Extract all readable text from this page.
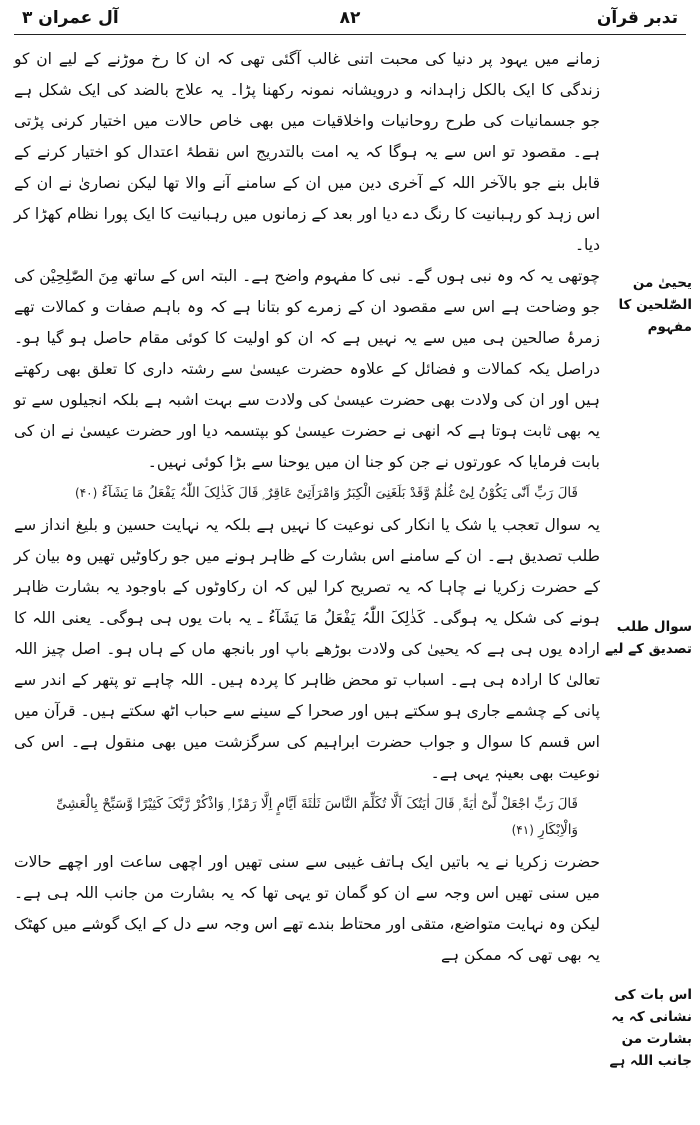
تدبر قرآن
۸۲
آل عمران ۳

زمانے میں یہود پر دنیا کی محبت اتنی غالب آگئی تھی کہ ان کا رخ موڑنے کے لیے ان کو زندگی کا ایک بالکل زاہدانہ و درویشانہ نمونہ رکھنا پڑا۔ یہ علاج بالضد کی ایک شکل ہے جو جسمانیات کی طرح روحانیات واخلاقیات میں بھی خاص حالات میں اختیار کرنی پڑتی ہے۔ مقصود تو اس سے یہ ہوگا کہ یہ امت بالتدریج اس نقطۂ اعتدال کو اختیار کرنے کے قابل بنے جو بالآخر اللہ کے آخری دین میں ان کے سامنے آنے والا تھا لیکن نصاریٰ نے ان کے اس زہد کو رہبانیت کا رنگ دے دیا اور بعد کے زمانوں میں رہبانیت کا ایک پورا نظام کھڑا کر دیا۔

چوتھی یہ کہ وہ نبی ہوں گے۔ نبی کا مفہوم واضح ہے۔ البتہ اس کے ساتھ مِنَ الصّٰلِحِیْن کی جو وضاحت ہے اس سے مقصود ان کے زمرے کو بتانا ہے کہ وہ باہم صفات و کمالات تھے زمرۂ صالحین ہی میں سے یہ نہیں ہے کہ ان کو اولیت کا کوئی مقام حاصل ہو گیا ہو۔ دراصل یکہ کمالات و فضائل کے علاوہ حضرت عیسیٰ سے رشتہ داری کا تعلق بھی رکھتے ہیں اور ان کی ولادت بھی حضرت عیسیٰ کی ولادت سے بہت اشبہ ہے بلکہ انجیلوں سے تو یہ بھی ثابت ہوتا ہے کہ انھی نے حضرت عیسیٰ کو بپتسمہ دیا اور حضرت عیسیٰ نے ان کی بابت فرمایا کہ عورتوں نے جن کو جنا ان میں یوحنا سے بڑا کوئی نہیں۔

قَالَ رَبِّ اَنّٰی یَکُوْنُ لِیْ غُلٰمٌ وَّقَدْ بَلَغَنِیَ الْکِبَرُ وَامْرَاَتِیْ عَاقِرٌ ۭ قَالَ کَذٰلِکَ اللّٰہُ یَفْعَلُ مَا یَشَآءُ (۴۰)

یہ سوال تعجب یا شک یا انکار کی نوعیت کا نہیں ہے بلکہ یہ نہایت حسین و بلیغ انداز سے طلب تصدیق ہے۔ ان کے سامنے اس بشارت کے ظاہر ہونے میں جو رکاوٹیں تھیں وہ بیان کر کے حضرت زکریا نے چاہا کہ یہ تصریح کرا لیں کہ ان رکاوٹوں کے باوجود یہ بشارت ظاہر ہونے کی شکل یہ ہوگی۔ کَذٰلِکَ اللّٰہُ یَفْعَلُ مَا یَشَآءُ ـ یہ بات یوں ہی ہوگی۔ یعنی اللہ کا ارادہ یوں ہی ہے کہ یحییٰ کی ولادت بوڑھے باپ اور بانجھ ماں کے ہاں ہو۔ اصل چیز اللہ تعالیٰ کا ارادہ ہی ہے۔ اسباب تو محض ظاہر کا پردہ ہیں۔ اللہ چاہے تو پتھر کے اندر سے پانی کے چشمے جاری ہو سکتے ہیں اور صحرا کے سینے سے حباب اٹھ سکتے ہیں۔ قرآن میں اس قسم کا سوال و جواب حضرت ابراہیم کی سرگزشت میں بھی منقول ہے۔ اس کی نوعیت بھی بعینہٖ یہی ہے۔

قَالَ رَبِّ اجْعَلْ لِّیْٓ اٰیَةً ۭ قَالَ اٰیَتُکَ اَلَّا تُکَلِّمَ النَّاسَ ثَلٰثَةَ اَیَّامٍ اِلَّا رَمْزًا ۭ وَاذْکُرْ رَّبَّکَ کَثِیْرًا وَّسَبِّحْ بِالْعَشِیِّ وَالْاِبْکَارِ (۴۱)

حضرت زکریا نے یہ باتیں ایک ہاتف غیبی سے سنی تھیں اور اچھی ساعت اور اچھے حالات میں سنی تھیں اس وجہ سے ان کو گمان تو یہی تھا کہ یہ بشارت من جانب اللہ ہی ہے۔ لیکن وہ نہایت متواضع، متقی اور محتاط بندے تھے اس وجہ سے دل کے ایک گوشے میں کھٹک یہ بھی تھی کہ ممکن ہے

یحییٰ من الصّٰلحین کا مفہوم
سوال طلب تصدیق کے لیے
اس بات کی نشانی کہ یہ بشارت من جانب اللہ ہے
